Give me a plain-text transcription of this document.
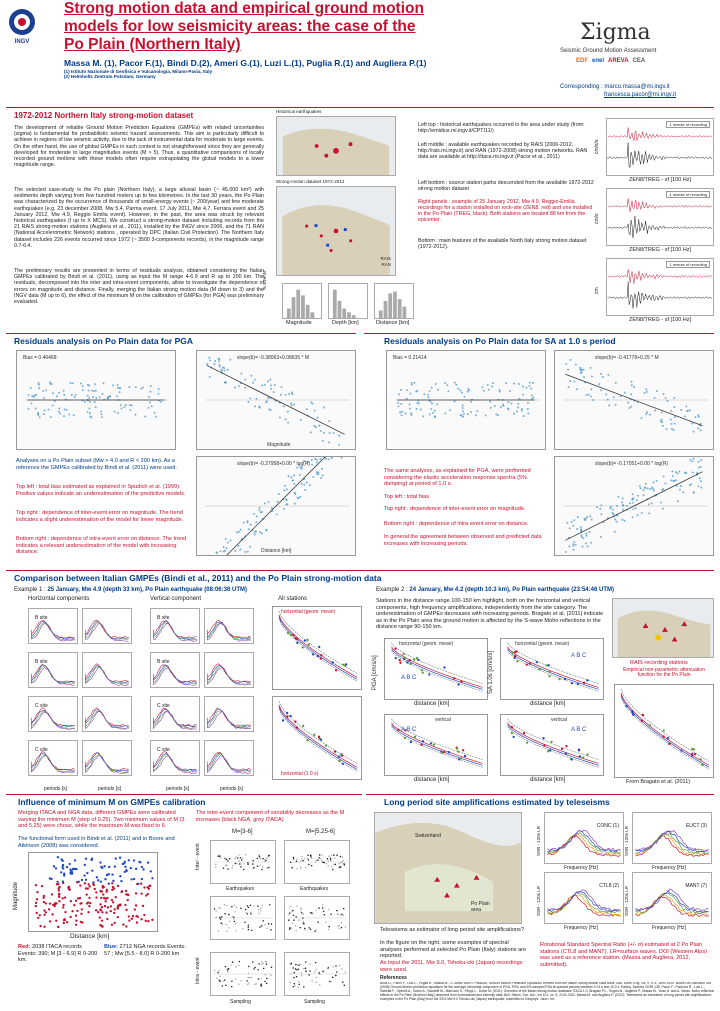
INGV
Strong motion data and empirical ground motion
models for low seismicity areas: the case of the
Po Plain (Northern Italy)
Massa M. (1), Pacor F.(1), Bindi D.(2), Ameri G.(1), Luzi L.(1), Puglia R.(1) and Augliera P.(1)
(1) Istituto Nazionale di Geofisica e Vulcanologia, Milano-Pavia, Italy
(2) Helmholtz Zentrum Potsdam, Germany
Σigma
Seismic Ground Motion Assessment
EDF enel AREVA CEA
Corresponding : marco.massa@mi.ingv.it
francesca.pacor@mi.ingv.it
1972-2012 Northern Italy strong-motion dataset
The development of reliable Ground Motion Prediction Equations (GMPEs) with related uncertainties (sigma) is fundamental for probabilistic seismic hazard assessments. This aim is particularly difficult to achieve in regions of low seismic activity, due to the lack of instrumental data for moderate to large events. On the other hand, the use of global GMPEs in such context is not straightforward since they are generally developed for moderate to large magnitudes events (M > 5). Thus, a quantitative comparisons of locally recorded ground motions with these models often require extrapolating the global models to a lower magnitude range.
The selected case-study is the Po plain (Northern Italy), a large alluvial basin (~ 45.000 km²) with sediments depth varying from few hundred meters up to few kilometres. In the last 30 years, the Po Plain was characterized by the occurrence of thousands of small-energy events (~ 200/year) and few moderate earthquakes (e.g. 23 december 2008, Mw 5.4, Parma event, 17 July 2011, Mw 4.7, Ferrara event and 25 January 2012, Mw 4.9, Reggio Emilia event). However, in the past, the area was struck by relevant historical earthquakes (I up to X MCS). We construct a strong-motion dataset including records from the 21 RAIS strong-motion stations (Augliera et al., 2011), installed by the INGV since 2006, and the 71 RAN (National Accelerometric Network) stations , operated by DPC (Italian Civil Protection). The Northern Italy dataset includes 226 events occurred since 1972 (~ 3500 3-components records), in the magnitude range 0.7-6.4.
The preliminary results are presented in terms of residuals analysis, obtained considering the Italian GMPEs calibrated by Bindi et al. (2011), using as input the M range 4-6.9 and R up to 200 km. The residuals, decomposed into the inter and intra-event components, allow to investigate the dependence of errors on magnitude and distance. Finally, merging the Italian strong motion data (M down to 3) and the INGV data (M up to 6), the effect of the minimum M on the calibration of GMPEs (for PGA) was preliminary evaluated.
Historical earthquakes
Strong-motion dataset 1972-2012
RAIS
RAN
% Events
Magnitude	Depth [km]	Distance [km]
Left top : historical earthquakes occurred in the area under study (from: http://emidius.mi.ingv.it/CPTI11/)
Left middle : available earthquakes recorded by RAIS (2006-2012, http://rais.mi.ingv.it) and RAN (1972-2008) strong motion networks. RAN data are available at http://itaca.mi.ingv.it (Pacor et al., 2011)
Left bottom : source station paths descended from the available 1972-2012 strong motion dataset
Right panels : example of 25 January 2012, Mw 4.9, Reggio-Emilia recordings for a station installed on rock-site (ZEN8, red) and one installed in the Po Plain (TREG, black). Both stations are located 88 km from the epicenter.
Bottom : main features of the available North Italy strong motion dataset (1972-2012).
1 minute of recording
ZEN8/TREG - sf [100 Hz]
cm/s/s
1 minute of recording
ZEN8/TREG - sf [100 Hz]
cm/s
1 minute of recording
ZEN8/TREG - sf [100 Hz]
cm
Residuals analysis on Po Plain data for PGA
Bias = 0.46468	slope(b)= -0.38063+0.08635 * M
Magnitude
slope(b)= -0.27958+0.00 * log(R)
Distance [km]
Analyses on a Po Plain subset (Mw > 4.0 and R < 200 km). As a reference the GMPEs calibrated by Bindi et al. (2011) were used.
Top left : total bias estimated as explained in Spudich et al. (1999). Positive values indicate an underestimation of the predictive models.
Top right : dependence of inter-event error on magnitude. The trend indicates a slight underestimation of the model for lower magnitude.
Bottom right : dependence of intra-event error on distance. The trend indicates a relevant underestimation of the model with increasing distance.
Residuals analysis on Po Plain data for SA at 1.0 s period
Bias = 0.21414	slope(b)= -0.41778+0.25 * M
slope(b)= -0.17051+0.00 * log(R)
The same analyses, as explained for PGA, were performed considering the elastic acceleration response spectra (5% damping) at period of 1.0 s.
Top left : total bias
Top right : dependence of inter-event error on magnitude.
Bottom right : dependence of intra event error on distance.
In general the agreement between observed and predicted data increases with increasing periods.
Comparison between Italian GMPEs (Bindi et al., 2011) and the Po Plain strong-motion data
Example 1 : 25 January, Mw 4.9 (depth 33 km), Po Plain earthquake (08:06:36 UTM)	Example 2 : 24 January, Mw 4.2 (depth 10.3 km), Po Plain earthquake (23:54:46 UTM)
Horizontal components	Vertical component	All stations
B site	B site
B site	B site
C site	C site
C site	C site
periods [s]	periods [s]	periods [s]	periods [s]
horizontal (geom. mean)
horizontal (1.0 s)
Stations in the distance range 100-150 km highlight, both on the horizontal and vertical components, high frequency amplifications, independently from the site category. The underestimation of GMPEs decreases with increasing periods. Bragato et al. (2011) indicate as in the Po Plain area the ground motion is affected by the S-wave Moho reflections in the distance range 90-150 km.
horizontal (geom. mean)
A B C
horizontal (geom. mean)
A B C
vertical
A B C
vertical
A B C
PGA [cm/s/s]	SA 1.0s [cm/s/s]
distance [km]	distance [km]
distance [km]	distance [km]
RAIS recording stations
Empirical non-parametric attenuation function for the Po Plain
From Bragato et al. (2011)
Influence of minimum M on GMPEs calibration
Merging ITACA and NGA data, different GMPEs were calibrated varying the minimum M (step of 0.25). Two minimum values of M (3 and 5.25) were chose, while the maximum M was fixed to 6.
The functional form used in Bindi et al. (2011) and in Boore and Atkinson (2008) was considered.
The inter-event component of variability decreases as the M increases (black NGA, grey ITACA)
Magnitude
Distance [km]
Red: 2038 ITACA records Events: 390; M [3 - 6.9] R 0-200 km.
Blue: 2712 NGA records Events: 57 ; Mw [5.5 - 8.0] R 0-200 km
M=[3-6]	M=[5.25-6]
Earthquakes	Earthquakes
Sampling	Sampling
Inter - event
Intra - event
Long period site amplifications estimated by teleseisms
Switzerland
Po Plain area
Teleseisms as estimator of long period site amplifications?
In the figure on the right, some examples of spectral analyses performed at selected Po Plain (Italy) stations are reported.
As input the 2011, Mw 9.0, Tohoku-oki (Japan) recordings were used.
CONC (1)
Frequency [Hz]
SSR - 120s LR	EUCT (3)
Frequency [Hz]
SSR - 120s LR
CTL8 (2)
Frequency [Hz]
SSR - 120s LR	MANT (7)
Frequency [Hz]
SSR - 120s LR
Rotational Standard Spectral Ratio (+/- σ) estimated at 2 Po Plain stations (CTL8 and MANT). LR=surface waves. DOI (Western Alps) was used as a reference station. (Massa and Augliera, 2012, submitted).
References
Bindi D., Pacor F., Luzi L., Puglia R., Massa M., G. Ameri and R. Paolucci, Ground Motion Prediction Equations Derived from the Italian Strong Motion Data Base, Bull. Earth. Eng. vol. 9, n. 6, 1899-1920. Boore DM, Atkinson GM (2008) Ground-Motion prediction equations for the average horizontal component of PGA, PGV, and 5%-damped PSA at spectral periods between 0.01 s and 10.0 s. Earthq. Spectra 24:99-138. Pacor F., Paolucci R., Luzi L., Sabetta F., Spinelli A., Gorini A., Nicoletti M., Marcucci S., Filippi L., Dolce M. (2011). Overview of the Italian strong motion database ITACA 1.0. Bragato P.L., Sugan M., Augliera P., Massa M., Vuan A. and A. Saraò. Moho reflection effects in the Po Plain (Northern Italy) observed from instrumental and intensity data, Bull. Seism. Soc. Am., vol 101, no. 5, 2142-2152. Massa M. and Augliera P. (2012). Teleseisms as estimators of long-period site amplifications: examples in the Po Plain (Italy) from the 2011 Mw 9.0 Tohoku-oki (Japan) earthquake, submitted to Geophys. Journ. Int.
